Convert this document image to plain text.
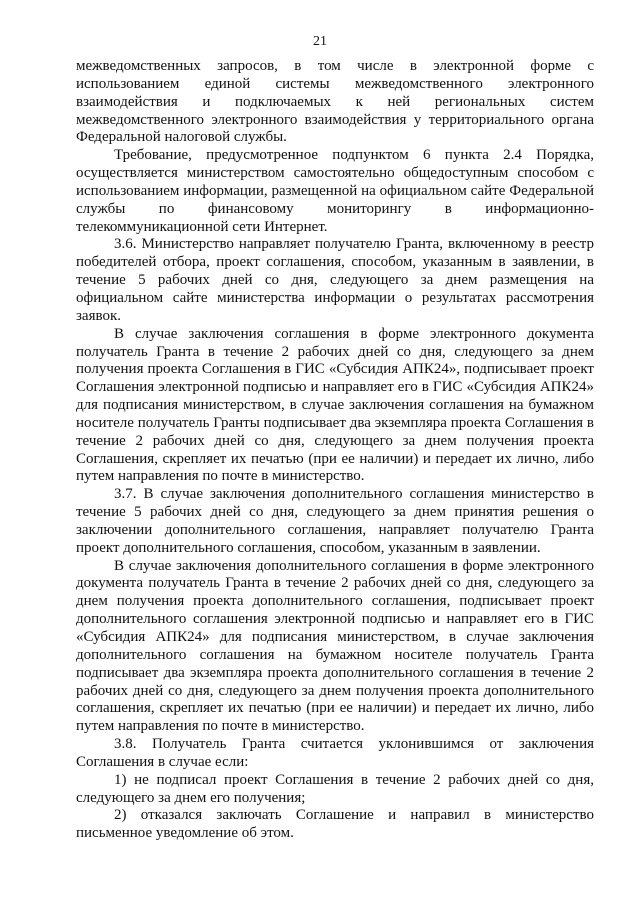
21

межведомственных запросов, в том числе в электронной форме с использованием единой системы межведомственного электронного взаимодействия и подключаемых к ней региональных систем межведомственного электронного взаимодействия у территориального органа Федеральной налоговой службы.

Требование, предусмотренное подпунктом 6 пункта 2.4 Порядка, осуществляется министерством самостоятельно общедоступным способом с использованием информации, размещенной на официальном сайте Федеральной службы по финансовому мониторингу в информационно-телекоммуникационной сети Интернет.

3.6. Министерство направляет получателю Гранта, включенному в реестр победителей отбора, проект соглашения, способом, указанным в заявлении, в течение 5 рабочих дней со дня, следующего за днем размещения на официальном сайте министерства информации о результатах рассмотрения заявок.

В случае заключения соглашения в форме электронного документа получатель Гранта в течение 2 рабочих дней со дня, следующего за днем получения проекта Соглашения в ГИС «Субсидия АПК24», подписывает проект Соглашения электронной подписью и направляет его в ГИС «Субсидия АПК24» для подписания министерством, в случае заключения соглашения на бумажном носителе получатель Гранты подписывает два экземпляра проекта Соглашения в течение 2 рабочих дней со дня, следующего за днем получения проекта Соглашения, скрепляет их печатью (при ее наличии) и передает их лично, либо путем направления по почте в министерство.

3.7. В случае заключения дополнительного соглашения министерство в течение 5 рабочих дней со дня, следующего за днем принятия решения о заключении дополнительного соглашения, направляет получателю Гранта проект дополнительного соглашения, способом, указанным в заявлении.

В случае заключения дополнительного соглашения в форме электронного документа получатель Гранта в течение 2 рабочих дней со дня, следующего за днем получения проекта дополнительного соглашения, подписывает проект дополнительного соглашения электронной подписью и направляет его в ГИС «Субсидия АПК24» для подписания министерством, в случае заключения дополнительного соглашения на бумажном носителе получатель Гранта подписывает два экземпляра проекта дополнительного соглашения в течение 2 рабочих дней со дня, следующего за днем получения проекта дополнительного соглашения, скрепляет их печатью (при ее наличии) и передает их лично, либо путем направления по почте в министерство.

3.8. Получатель Гранта считается уклонившимся от заключения Соглашения в случае если:

1) не подписал проект Соглашения в течение 2 рабочих дней со дня, следующего за днем его получения;

2) отказался заключать Соглашение и направил в министерство письменное уведомление об этом.
